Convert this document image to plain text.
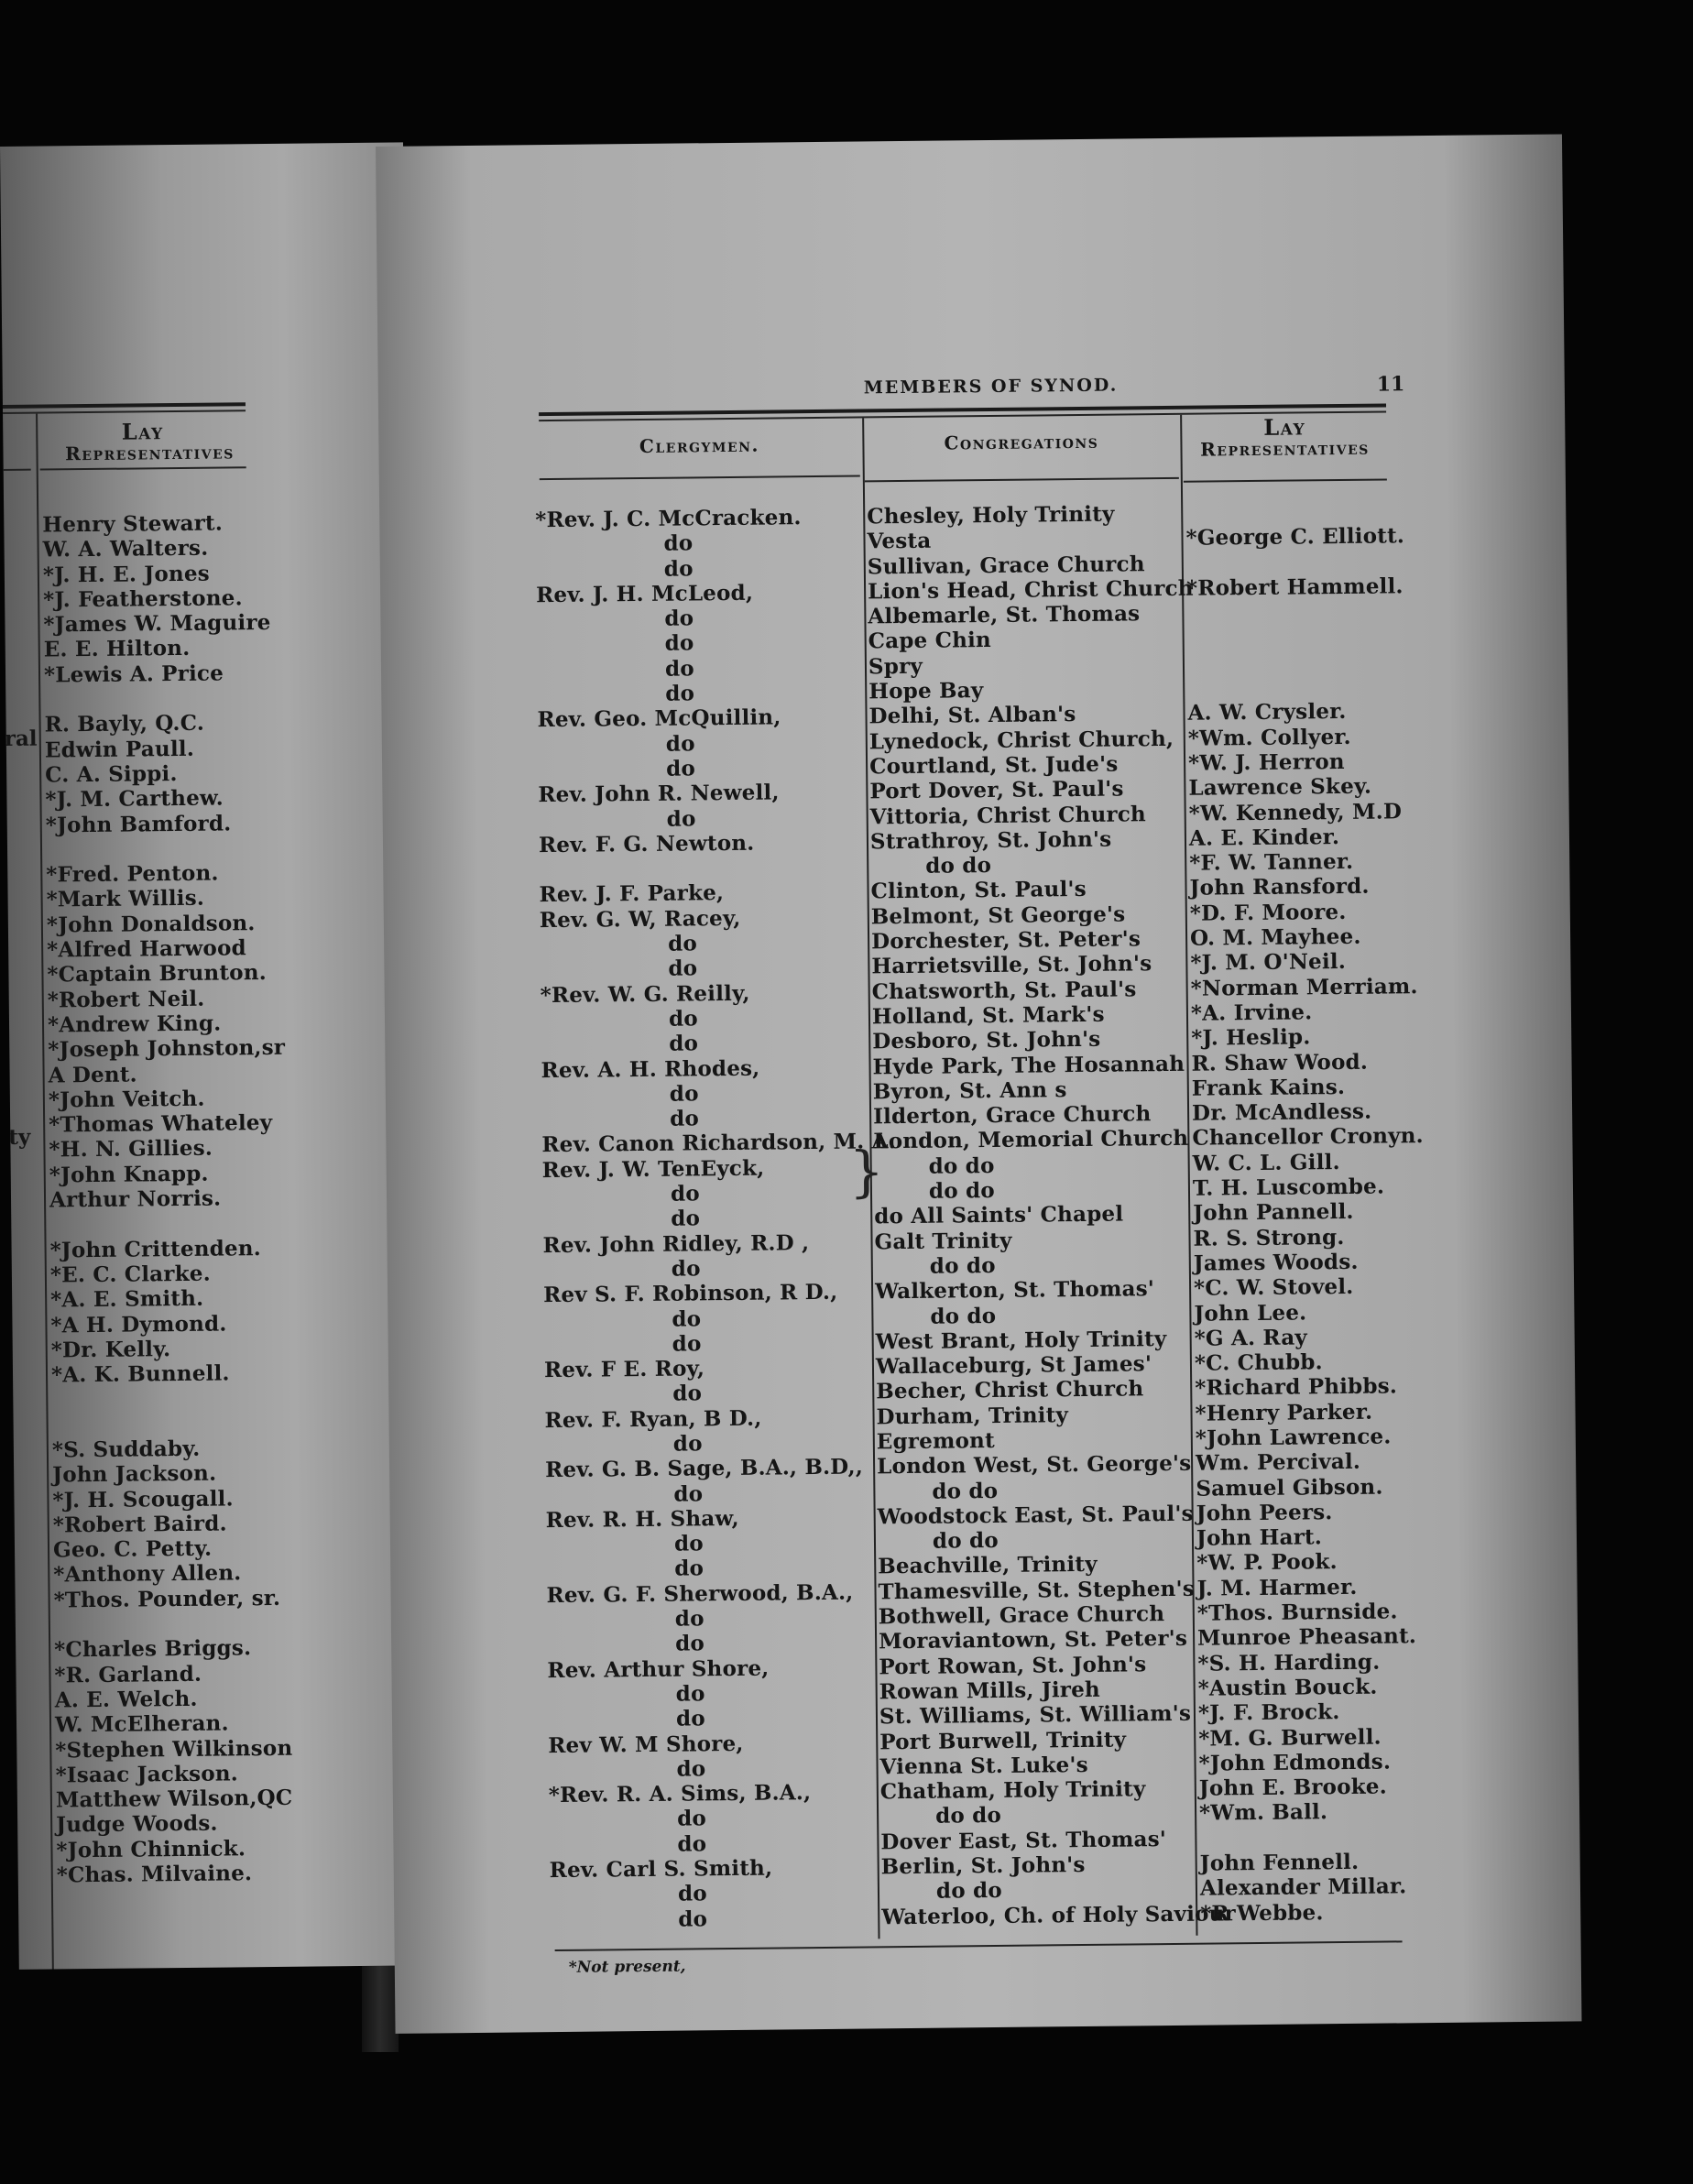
Lay
Representatives
ral
ty
Henry Stewart.
W. A. Walters.
*J. H. E. Jones
*J. Featherstone.
*James W. Maguire
E. E. Hilton.
*Lewis A. Price
R. Bayly, Q.C.
Edwin Paull.
C. A. Sippi.
*J. M. Carthew.
*John Bamford.
*Fred. Penton.
*Mark Willis.
*John Donaldson.
*Alfred Harwood
*Captain Brunton.
*Robert Neil.
*Andrew King.
*Joseph Johnston,sr
A Dent.
*John Veitch.
*Thomas Whateley
*H. N. Gillies.
*John Knapp.
Arthur Norris.
*John Crittenden.
*E. C. Clarke.
*A. E. Smith.
*A H. Dymond.
*Dr. Kelly.
*A. K. Bunnell.
*S. Suddaby.
John Jackson.
*J. H. Scougall.
*Robert Baird.
Geo. C. Petty.
*Anthony Allen.
*Thos. Pounder, sr.
*Charles Briggs.
*R. Garland.
A. E. Welch.
W. McElheran.
*Stephen Wilkinson
*Isaac Jackson.
Matthew Wilson,QC
Judge Woods.
*John Chinnick.
*Chas. Milvaine.
MEMBERS OF SYNOD.	11
Clergymen.	Congregations
Lay
Representatives
*Rev. J. C. McCracken.
do
do
Rev. J. H. McLeod,
do
do
do
do
Rev. Geo. McQuillin,
do
do
Rev. John R. Newell,
do
Rev. F. G. Newton.
Rev. J. F. Parke,
Rev. G. W, Racey,
do
do
*Rev. W. G. Reilly,
do
do
Rev. A. H. Rhodes,
do
do
Rev. Canon Richardson, M. A.
Rev. J. W. TenEyck,
do
do
Rev. John Ridley, R.D ,
do
Rev S. F. Robinson, R D.,
do
do
Rev. F E. Roy,
do
Rev. F. Ryan, B D.,
do
Rev. G. B. Sage, B.A., B.D,,
do
Rev. R. H. Shaw,
do
do
Rev. G. F. Sherwood, B.A.,
do
do
Rev. Arthur Shore,
do
do
Rev W. M Shore,
do
*Rev. R. A. Sims, B.A.,
do
do
Rev. Carl S. Smith,
do
do
Chesley, Holy Trinity
Vesta
Sullivan, Grace Church
Lion's Head, Christ Church
Albemarle, St. Thomas
Cape Chin
Spry
Hope Bay
Delhi, St. Alban's
Lynedock, Christ Church,
Courtland, St. Jude's
Port Dover, St. Paul's
Vittoria, Christ Church
Strathroy, St. John's
do do
Clinton, St. Paul's
Belmont, St George's
Dorchester, St. Peter's
Harrietsville, St. John's
Chatsworth, St. Paul's
Holland, St. Mark's
Desboro, St. John's
Hyde Park, The Hosannah
Byron, St. Ann s
Ilderton, Grace Church
London, Memorial Church
do do
do do
do All Saints' Chapel
Galt Trinity
do do
Walkerton, St. Thomas'
do do
West Brant, Holy Trinity
Wallaceburg, St James'
Becher, Christ Church
Durham, Trinity
Egremont
London West, St. George's
do do
Woodstock East, St. Paul's
do do
Beachville, Trinity
Thamesville, St. Stephen's
Bothwell, Grace Church
Moraviantown, St. Peter's
Port Rowan, St. John's
Rowan Mills, Jireh
St. Williams, St. William's
Port Burwell, Trinity
Vienna St. Luke's
Chatham, Holy Trinity
do do
Dover East, St. Thomas'
Berlin, St. John's
do do
Waterloo, Ch. of Holy Saviour
*George C. Elliott.
*Robert Hammell.
A. W. Crysler.
*Wm. Collyer.
*W. J. Herron
Lawrence Skey.
*W. Kennedy, M.D
A. E. Kinder.
*F. W. Tanner.
John Ransford.
*D. F. Moore.
O. M. Mayhee.
*J. M. O'Neil.
*Norman Merriam.
*A. Irvine.
*J. Heslip.
R. Shaw Wood.
Frank Kains.
Dr. McAndless.
Chancellor Cronyn.
W. C. L. Gill.
T. H. Luscombe.
John Pannell.
R. S. Strong.
James Woods.
*C. W. Stovel.
John Lee.
*G A. Ray
*C. Chubb.
*Richard Phibbs.
*Henry Parker.
*John Lawrence.
Wm. Percival.
Samuel Gibson.
John Peers.
John Hart.
*W. P. Pook.
J. M. Harmer.
*Thos. Burnside.
Munroe Pheasant.
*S. H. Harding.
*Austin Bouck.
*J. F. Brock.
*M. G. Burwell.
*John Edmonds.
John E. Brooke.
*Wm. Ball.
John Fennell.
Alexander Millar.
*R Webbe.
}
*Not present,
